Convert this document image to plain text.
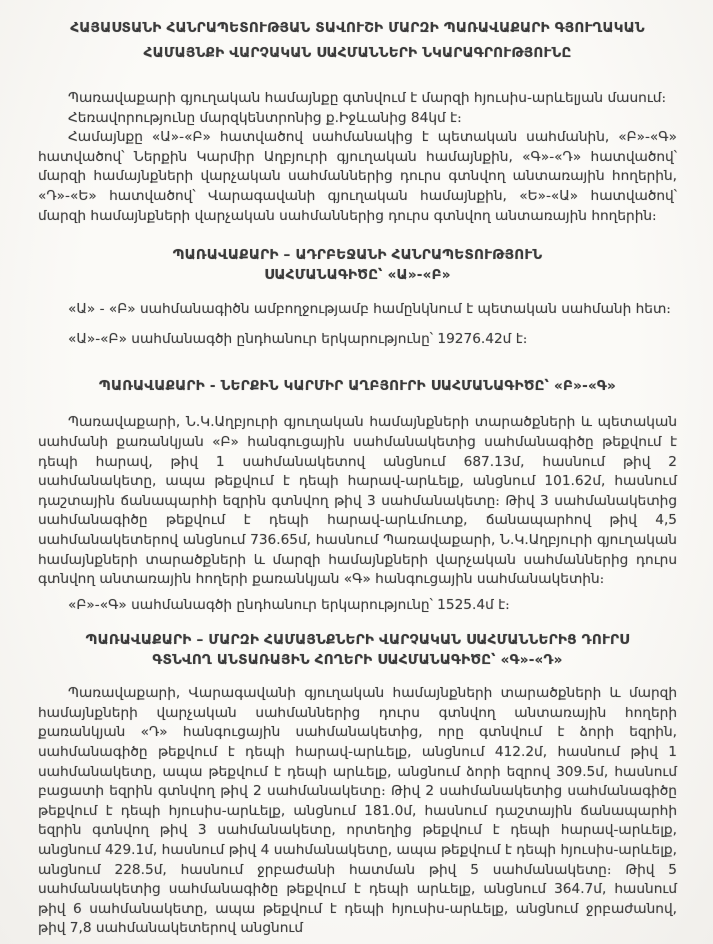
ՀԱՅԱՍՏԱՆԻ ՀԱՆՐԱՊԵՏՈՒԹՅԱՆ ՏԱՎՈՒՇԻ ՄԱՐԶԻ ՊԱՌԱՎԱՔԱՐԻ ԳՅՈՒՂԱԿԱՆ
ՀԱՄԱՅՆՔԻ ՎԱՐՉԱԿԱՆ ՍԱՀՄԱՆՆԵՐԻ ՆԿԱՐԱԳՐՈՒԹՅՈՒՆԸ

Պառավաքարի գյուղական համայնքը գտնվում է մարզի հյուսիս-արևելյան մասում։

Հեռավորությունը մարզկենտրոնից ք.Իջևանից 84կմ է։

Համայնքը «Ա»-«Բ» հատվածով սահմանակից է պետական սահմանին, «Բ»-«Գ» հատվածով՝ Ներքին Կարմիր Աղբյուրի գյուղական համայնքին, «Գ»-«Դ» հատվածով՝ մարզի համայնքների վարչական սահմաններից դուրս գտնվող անտառային հողերին, «Դ»-«Ե» հատվածով՝ Վարագավանի գյուղական համայնքին, «Ե»-«Ա» հատվածով՝ մարզի համայնքների վարչական սահմաններից դուրս գտնվող անտառային հողերին։

ՊԱՌԱՎԱՔԱՐԻ – ԱԴՐԲԵՋԱՆԻ ՀԱՆՐԱՊԵՏՈՒԹՅՈՒՆ
ՍԱՀՄԱՆԱԳԻԾԸ՝ «Ա»-«Բ»

«Ա» - «Բ» սահմանագիծն ամբողջությամբ համընկնում է պետական սահմանի հետ։

«Ա»-«Բ» սահմանագծի ընդհանուր երկարությունը՝ 19276.42մ է։

ՊԱՌԱՎԱՔԱՐԻ - ՆԵՐՔԻՆ ԿԱՐՄԻՐ ԱՂԲՅՈՒՐԻ ՍԱՀՄԱՆԱԳԻԾԸ՝ «Բ»-«Գ»

Պառավաքարի, Ն.Կ.Աղբյուրի գյուղական համայնքների տարածքների և պետական սահմանի քառանկյան «Բ» հանգուցային սահմանակետից սահմանագիծը թեքվում է դեպի հարավ, թիվ 1 սահմանակետով անցնում 687.13մ, հասնում թիվ 2 սահմանակետը, ապա թեքվում է դեպի հարավ-արևելք, անցնում 101.62մ, հասնում դաշտային ճանապարհի եզրին գտնվող թիվ 3 սահմանակետը։ Թիվ 3 սահմանակետից սահմանագիծը թեքվում է դեպի հարավ-արևմուտք, ճանապարհով թիվ 4,5 սահմանակետերով անցնում 736.65մ, հասնում Պառավաքարի, Ն.Կ.Աղբյուրի գյուղական համայնքների տարածքների և մարզի համայնքների վարչական սահմաններից դուրս գտնվող անտառային հողերի քառանկյան «Գ» հանգուցային սահմանակետին։

«Բ»-«Գ» սահմանագծի ընդհանուր երկարությունը՝ 1525.4մ է։

ՊԱՌԱՎԱՔԱՐԻ – ՄԱՐԶԻ ՀԱՄԱՅՆՔՆԵՐԻ ՎԱՐՉԱԿԱՆ ՍԱՀՄԱՆՆԵՐԻՑ ԴՈՒՐՍ
ԳՏՆՎՈՂ ԱՆՏԱՌԱՅԻՆ ՀՈՂԵՐԻ ՍԱՀՄԱՆԱԳԻԾԸ՝ «Գ»-«Դ»

Պառավաքարի, Վարագավանի գյուղական համայնքների տարածքների և մարզի համայնքների վարչական սահմաններից դուրս գտնվող անտառային հողերի քառանկյան «Դ» հանգուցային սահմանակետից, որը գտնվում է ձորի եզրին, սահմանագիծը թեքվում է դեպի հարավ-արևելք, անցնում 412.2մ, հասնում թիվ 1 սահմանակետը, ապա թեքվում է դեպի արևելք, անցնում ձորի եզրով 309.5մ, հասնում բացատի եզրին գտնվող թիվ 2 սահմանակետը։ Թիվ 2 սահմանակետից սահմանագիծը թեքվում է դեպի հյուսիս-արևելք, անցնում 181.0մ, հասնում դաշտային ճանապարհի եզրին գտնվող թիվ 3 սահմանակետը, որտեղից թեքվում է դեպի հարավ-արևելք, անցնում 429.1մ, հասնում թիվ 4 սահմանակետը, ապա թեքվում է դեպի հյուսիս-արևելք, անցնում 228.5մ, հասնում ջրբաժանի հատման թիվ 5 սահմանակետը։ Թիվ 5 սահմանակետից սահմանագիծը թեքվում է դեպի արևելք, անցնում 364.7մ, հասնում թիվ 6 սահմանակետը, ապա թեքվում է դեպի հյուսիս-արևելք, անցնում ջրբաժանով, թիվ 7,8 սահմանակետերով անցնում
